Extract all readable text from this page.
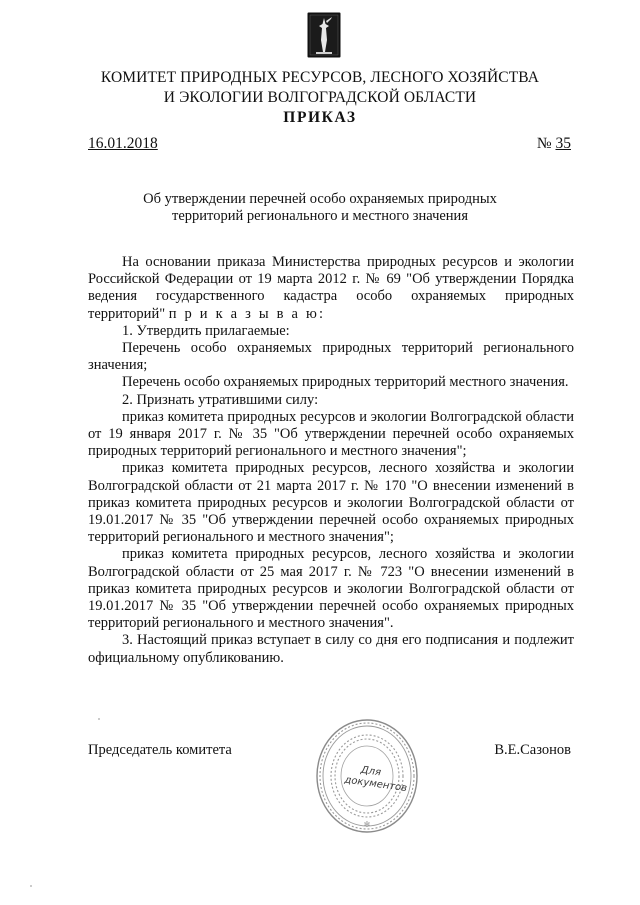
КОМИТЕТ ПРИРОДНЫХ РЕСУРСОВ, ЛЕСНОГО ХОЗЯЙСТВА
И ЭКОЛОГИИ ВОЛГОГРАДСКОЙ ОБЛАСТИ
ПРИКАЗ
16.01.2018	№ 35
Об утверждении перечней особо охраняемых природных
территорий регионального и местного значения

На основании приказа Министерства природных ресурсов и экологии Российской Федерации от 19 марта 2012 г. № 69 "Об утверждении Порядка ведения государственного кадастра особо охраняемых природных территорий" п р и к а з ы в а ю:

1. Утвердить прилагаемые:

Перечень особо охраняемых природных территорий регионального значения;

Перечень особо охраняемых природных территорий местного значения.

2. Признать утратившими силу:

приказ комитета природных ресурсов и экологии Волгоградской области от 19 января 2017 г. № 35 "Об утверждении перечней особо охраняемых природных территорий регионального и местного значения";

приказ комитета природных ресурсов, лесного хозяйства и экологии Волгоградской области от 21 марта 2017 г. № 170 "О внесении изменений в приказ комитета природных ресурсов и экологии Волгоградской области от 19.01.2017 № 35 "Об утверждении перечней особо охраняемых природных территорий регионального и местного значения";

приказ комитета природных ресурсов, лесного хозяйства и экологии Волгоградской области от 25 мая 2017 г. № 723 "О внесении изменений в приказ комитета природных ресурсов и экологии Волгоградской области от 19.01.2017 № 35 "Об утверждении перечней особо охраняемых природных территорий регионального и местного значения".

3. Настоящий приказ вступает в силу со дня его подписания и подлежит официальному опубликованию.

Председатель комитета	В.Е.Сазонов
✻
Для
документов
